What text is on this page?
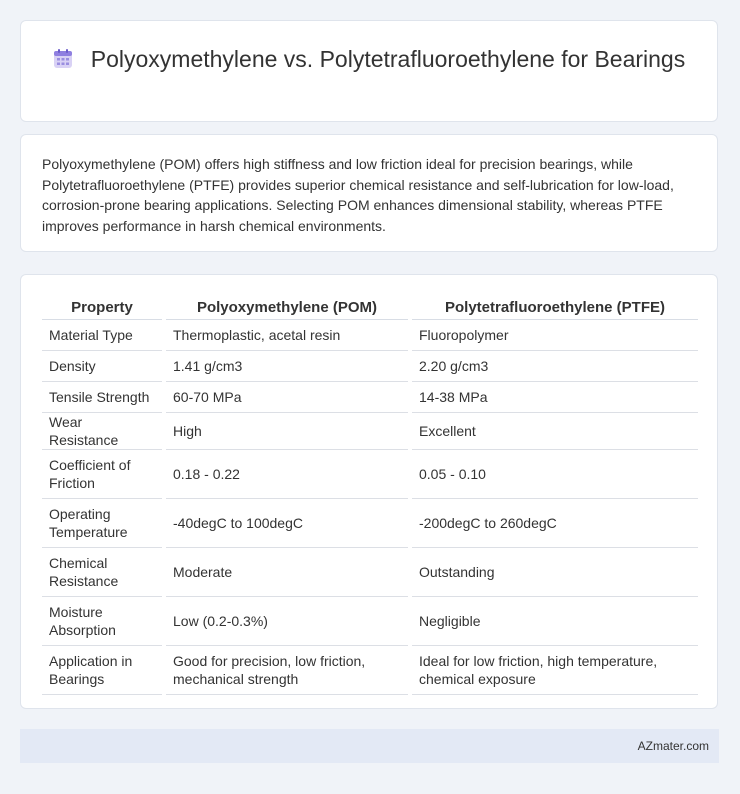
Polyoxymethylene vs. Polytetrafluoroethylene for Bearings
Polyoxymethylene (POM) offers high stiffness and low friction ideal for precision bearings, while Polytetrafluoroethylene (PTFE) provides superior chemical resistance and self-lubrication for low-load, corrosion-prone bearing applications. Selecting POM enhances dimensional stability, whereas PTFE improves performance in harsh chemical environments.
Property	Polyoxymethylene (POM)	Polytetrafluoroethylene (PTFE)
Material Type	Thermoplastic, acetal resin	Fluoropolymer
Density	1.41 g/cm3	2.20 g/cm3
Tensile Strength	60-70 MPa	14-38 MPa
Wear Resistance	High	Excellent
Coefficient of Friction	0.18 - 0.22	0.05 - 0.10
Operating Temperature	-40degC to 100degC	-200degC to 260degC
Chemical Resistance	Moderate	Outstanding
Moisture Absorption	Low (0.2-0.3%)	Negligible
Application in Bearings	Good for precision, low friction, mechanical strength	Ideal for low friction, high temperature, chemical exposure
AZmater.com
